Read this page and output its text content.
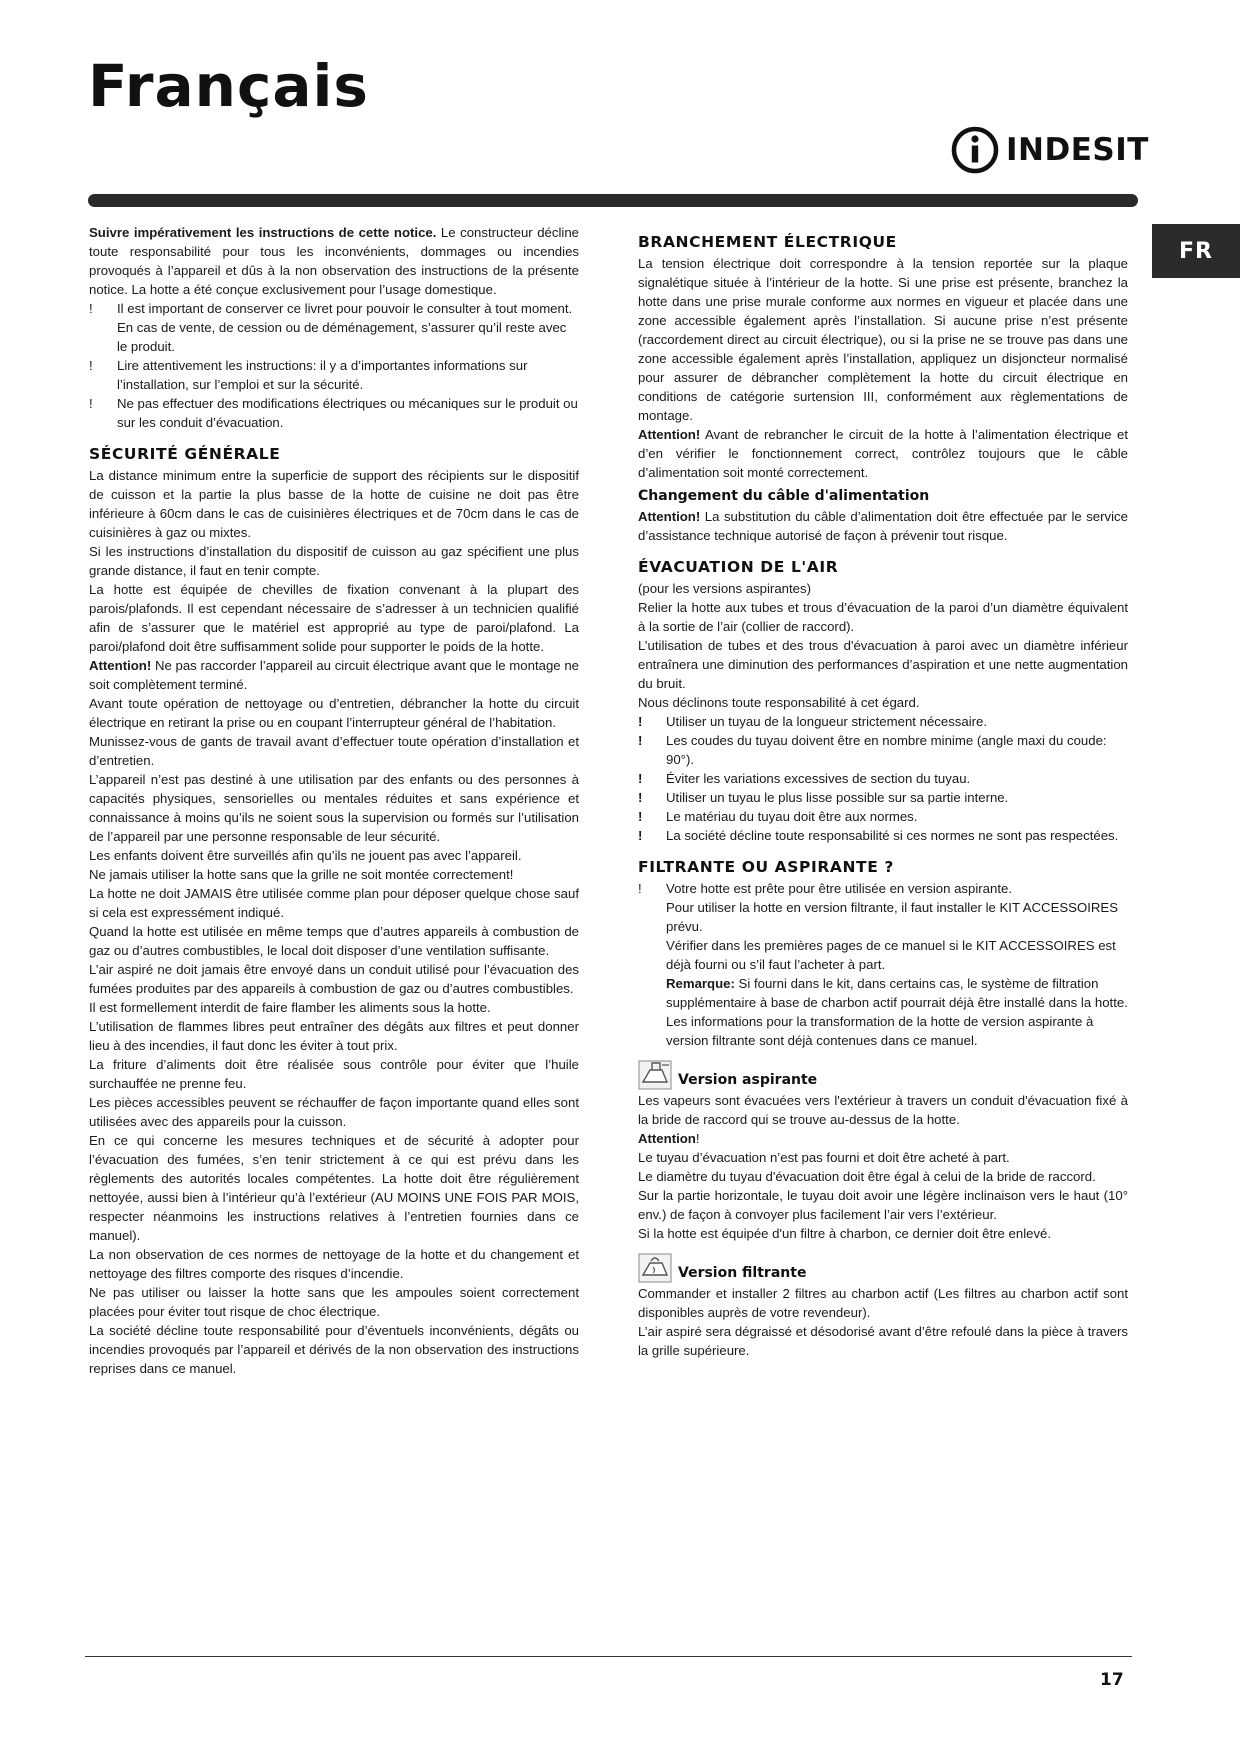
Français
INDESIT
FR

Suivre impérativement les instructions de cette notice. Le constructeur décline toute responsabilité pour tous les inconvénients, dommages ou incendies provoqués à l’appareil et dûs à la non observation des instructions de la présente notice. La hotte a été conçue exclusivement pour l’usage domestique.

!	Il est important de conserver ce livret pour pouvoir le consulter à tout moment. En cas de vente, de cession ou de déménagement, s’assurer qu’il reste avec le produit.
!	Lire attentivement les instructions: il y a d’importantes informations sur l’installation, sur l’emploi et sur la sécurité.
!	Ne pas effectuer des modifications électriques ou mécaniques sur le produit ou sur les conduit d’évacuation.
SÉCURITÉ GÉNÉRALE

La distance minimum entre la superficie de support des récipients sur le dispositif de cuisson et la partie la plus basse de la hotte de cuisine ne doit pas être inférieure à 60cm dans le cas de cuisinières électriques et de 70cm dans le cas de cuisinières à gaz ou mixtes.

Si les instructions d’installation du dispositif de cuisson au gaz spécifient une plus grande distance, il faut en tenir compte.

La hotte est équipée de chevilles de fixation convenant à la plupart des parois/plafonds. Il est cependant nécessaire de s’adresser à un technicien qualifié afin de s’assurer que le matériel est approprié au type de paroi/plafond. La paroi/plafond doit être suffisamment solide pour supporter le poids de la hotte.

Attention! Ne pas raccorder l’appareil au circuit électrique avant que le montage ne soit complètement terminé.

Avant toute opération de nettoyage ou d’entretien, débrancher la hotte du circuit électrique en retirant la prise ou en coupant l’interrupteur général de l’habitation.

Munissez-vous de gants de travail avant d’effectuer toute opération d’installation et d’entretien.

L’appareil n’est pas destiné à une utilisation par des enfants ou des personnes à capacités physiques, sensorielles ou mentales réduites et sans expérience et connaissance à moins qu’ils ne soient sous la supervision ou formés sur l’utilisation de l’appareil par une personne responsable de leur sécurité.

Les enfants doivent être surveillés afin qu’ils ne jouent pas avec l’appareil.

Ne jamais utiliser la hotte sans que la grille ne soit montée correctement!

La hotte ne doit JAMAIS être utilisée comme plan pour déposer quelque chose sauf si cela est expressément indiqué.

Quand la hotte est utilisée en même temps que d’autres appareils à combustion de gaz ou d’autres combustibles, le local doit disposer d’une ventilation suffisante.

L’air aspiré ne doit jamais être envoyé dans un conduit utilisé pour l’évacuation des fumées produites par des appareils à combustion de gaz ou d’autres combustibles.

Il est formellement interdit de faire flamber les aliments sous la hotte.

L’utilisation de flammes libres peut entraîner des dégâts aux filtres et peut donner lieu à des incendies, il faut donc les éviter à tout prix.

La friture d’aliments doit être réalisée sous contrôle pour éviter que l’huile surchauffée ne prenne feu.

Les pièces accessibles peuvent se réchauffer de façon importante quand elles sont utilisées avec des appareils pour la cuisson.

En ce qui concerne les mesures techniques et de sécurité à adopter pour l’évacuation des fumées, s’en tenir strictement à ce qui est prévu dans les règlements des autorités locales compétentes. La hotte doit être régulièrement nettoyée, aussi bien à l’intérieur qu’à l’extérieur (AU MOINS UNE FOIS PAR MOIS, respecter néanmoins les instructions relatives à l’entretien fournies dans ce manuel).

La non observation de ces normes de nettoyage de la hotte et du changement et nettoyage des filtres comporte des risques d’incendie.

Ne pas utiliser ou laisser la hotte sans que les ampoules soient correctement placées pour éviter tout risque de choc électrique.

La société décline toute responsabilité pour d’éventuels inconvénients, dégâts ou incendies provoqués par l’appareil et dérivés de la non observation des instructions reprises dans ce manuel.

BRANCHEMENT ÉLECTRIQUE

La tension électrique doit correspondre à la tension reportée sur la plaque signalétique située à l’intérieur de la hotte. Si une prise est présente, branchez la hotte dans une prise murale conforme aux normes en vigueur et placée dans une zone accessible également après l’installation. Si aucune prise n’est présente (raccordement direct au circuit électrique), ou si la prise ne se trouve pas dans une zone accessible également après l’installation, appliquez un disjoncteur normalisé pour assurer de débrancher complètement la hotte du circuit électrique en conditions de catégorie surtension III, conformément aux règlementations de montage.

Attention! Avant de rebrancher le circuit de la hotte à l’alimentation électrique et d’en vérifier le fonctionnement correct, contrôlez toujours que le câble d’alimentation soit monté correctement.

Changement du câble d'alimentation

Attention! La substitution du câble d’alimentation doit être effectuée par le service d’assistance technique autorisé de façon à prévenir tout risque.

ÉVACUATION DE L'AIR

(pour les versions aspirantes)

Relier la hotte aux tubes et trous d’évacuation de la paroi d’un diamètre équivalent à la sortie de l’air (collier de raccord).

L’utilisation de tubes et des trous d'évacuation à paroi avec un diamètre inférieur entraînera une diminution des performances d’aspiration et une nette augmentation du bruit.

Nous déclinons toute responsabilité à cet égard.

!	Utiliser un tuyau de la longueur strictement nécessaire.
!	Les coudes du tuyau doivent être en nombre minime (angle maxi du coude: 90°).
!	Éviter les variations excessives de section du tuyau.
!	Utiliser un tuyau le plus lisse possible sur sa partie interne.
!	Le matériau du tuyau doit être aux normes.
!	La société décline toute responsabilité si ces normes ne sont pas respectées.
FILTRANTE OU ASPIRANTE ?
!	Votre hotte est prête pour être utilisée en version aspirante.

Pour utiliser la hotte en version filtrante, il faut installer le KIT ACCESSOIRES prévu.

Vérifier dans les premières pages de ce manuel si le KIT ACCESSOIRES est déjà fourni ou s’il faut l’acheter à part.

Remarque: Si fourni dans le kit, dans certains cas, le système de filtration supplémentaire à base de charbon actif pourrait déjà être installé dans la hotte.

Les informations pour la transformation de la hotte de version aspirante à version filtrante sont déjà contenues dans ce manuel.

Version aspirante

Les vapeurs sont évacuées vers l'extérieur à travers un conduit d'évacuation fixé à la bride de raccord qui se trouve au-dessus de la hotte.

Attention!

Le tuyau d’évacuation n’est pas fourni et doit être acheté à part.

Le diamètre du tuyau d'évacuation doit être égal à celui de la bride de raccord.

Sur la partie horizontale, le tuyau doit avoir une légère inclinaison vers le haut (10° env.) de façon à convoyer plus facilement l’air vers l’extérieur.

Si la hotte est équipée d'un filtre à charbon, ce dernier doit être enlevé.

Version filtrante

Commander et installer 2 filtres au charbon actif (Les filtres au charbon actif sont disponibles auprès de votre revendeur).

L’air aspiré sera dégraissé et désodorisé avant d’être refoulé dans la pièce à travers la grille supérieure.

17
